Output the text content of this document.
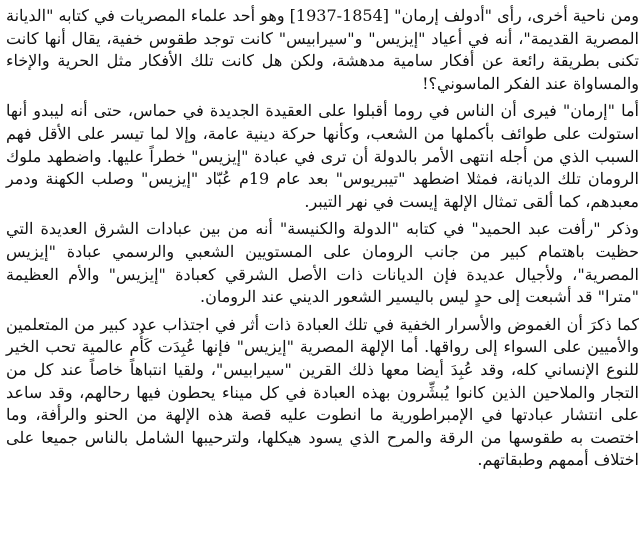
ومن ناحية أخرى، رأى "أدولف إرمان" [1854-1937] وهو أحد علماء المصريات في كتابه "الديانة المصرية القديمة"، أنه في أعياد "إيزيس" و"سيرابيس" كانت توجد طقوس خفية، يقال أنها كانت تكنى بطريقة رائعة عن أفكار سامية مدهشة، ولكن هل كانت تلك الأفكار مثل الحرية والإخاء والمساواة عند الفكر الماسوني؟!

أما "إرمان" فيرى أن الناس في روما أقبلوا على العقيدة الجديدة في حماس، حتى أنه ليبدو أنها استولت على طوائف بأكملها من الشعب، وكأنها حركة دينية عامة، وإلا لما تيسر على الأقل فهم السبب الذي من أجله انتهى الأمر بالدولة أن ترى في عبادة "إيزيس" خطراً عليها. واضطهد ملوك الرومان تلك الديانة، فمثلا اضطهد "تيبريوس" بعد عام 19م عُبّاد "إيزيس" وصلب الكهنة ودمر معبدهم، كما ألقى تمثال الإلهة إيست في نهر التيبر.

وذكر "رأفت عبد الحميد" في كتابه "الدولة والكنيسة" أنه من بين عبادات الشرق العديدة التي حظيت باهتمام كبير من جانب الرومان على المستويين الشعبي والرسمي عبادة "إيزيس المصرية"، ولأجيال عديدة فإن الديانات ذات الأصل الشرقي كعبادة "إيزيس" والأم العظيمة "مترا" قد أشبعت إلى حدٍ ليس باليسير الشعور الديني عند الرومان.

كما ذكرَ أن الغموض والأسرار الخفية في تلك العبادة ذات أثر في اجتذاب عدد كبير من المتعلمين والأميين على السواء إلى رواقها. أما الإلهة المصرية "إيزيس" فإنها عُبِدَت كَأُم عالمية تحب الخير للنوع الإنساني كله، وقد عُبِدَ أيضا معها ذلك القرين "سيرابيس"، ولقيا انتباهاً خاصاً عند كل من التجار والملاحين الذين كانوا يُبشِّرون بهذه العبادة في كل ميناء يحطون فيها رحالهم، وقد ساعد على انتشار عبادتها في الإمبراطورية ما انطوت عليه قصة هذه الإلهة من الحنو والرأفة، وما اختصت به طقوسها من الرقة والمرح الذي يسود هيكلها، ولترحيبها الشامل بالناس جميعا على اختلاف أممهم وطبقاتهم.
